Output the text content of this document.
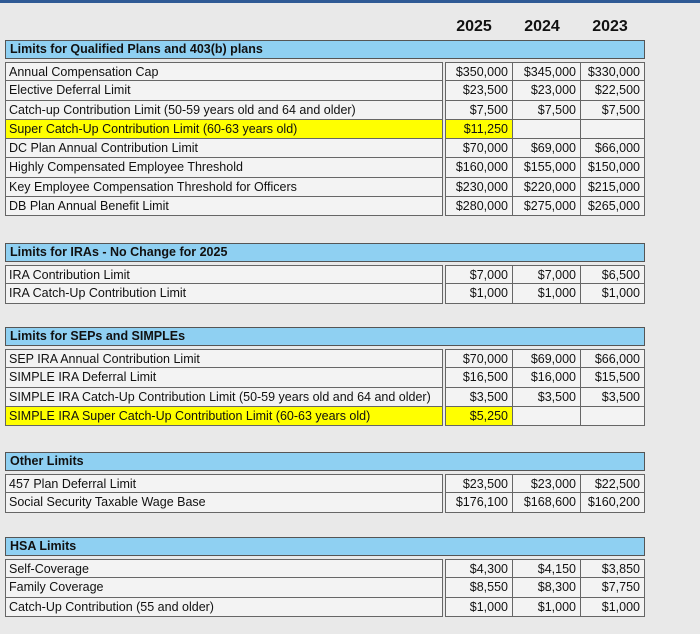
2025	2024	2023
Limits for Qualified Plans and 403(b) plans
Annual Compensation Cap	$350,000	$345,000 $330,000
Elective Deferral Limit	$23,500	$23,000	$22,500
Catch-up Contribution Limit (50-59 years old and 64 and older)	$7,500	$7,500	$7,500
Super Catch-Up Contribution Limit (60-63 years old)	$11,250
DC Plan Annual Contribution Limit	$70,000	$69,000	$66,000
Highly Compensated Employee Threshold	$160,000	$155,000 $150,000
Key Employee Compensation Threshold for Officers	$230,000	$220,000 $215,000
DB Plan Annual Benefit Limit	$280,000	$275,000 $265,000
Limits for IRAs - No Change for 2025
IRA Contribution Limit	$7,000	$7,000	$6,500
IRA Catch-Up Contribution Limit	$1,000	$1,000	$1,000
Limits for SEPs and SIMPLEs
SEP IRA Annual Contribution Limit	$70,000	$69,000	$66,000
SIMPLE IRA Deferral Limit	$16,500	$16,000	$15,500
SIMPLE IRA Catch-Up Contribution Limit (50-59 years old and 64 and older)	$3,500	$3,500	$3,500
SIMPLE IRA Super Catch-Up Contribution Limit (60-63 years old)	$5,250
Other Limits
457 Plan Deferral Limit	$23,500	$23,000	$22,500
Social Security Taxable Wage Base	$176,100	$168,600 $160,200
HSA Limits
Self-Coverage	$4,300	$4,150	$3,850
Family Coverage	$8,550	$8,300	$7,750
Catch-Up Contribution (55 and older)	$1,000	$1,000	$1,000
